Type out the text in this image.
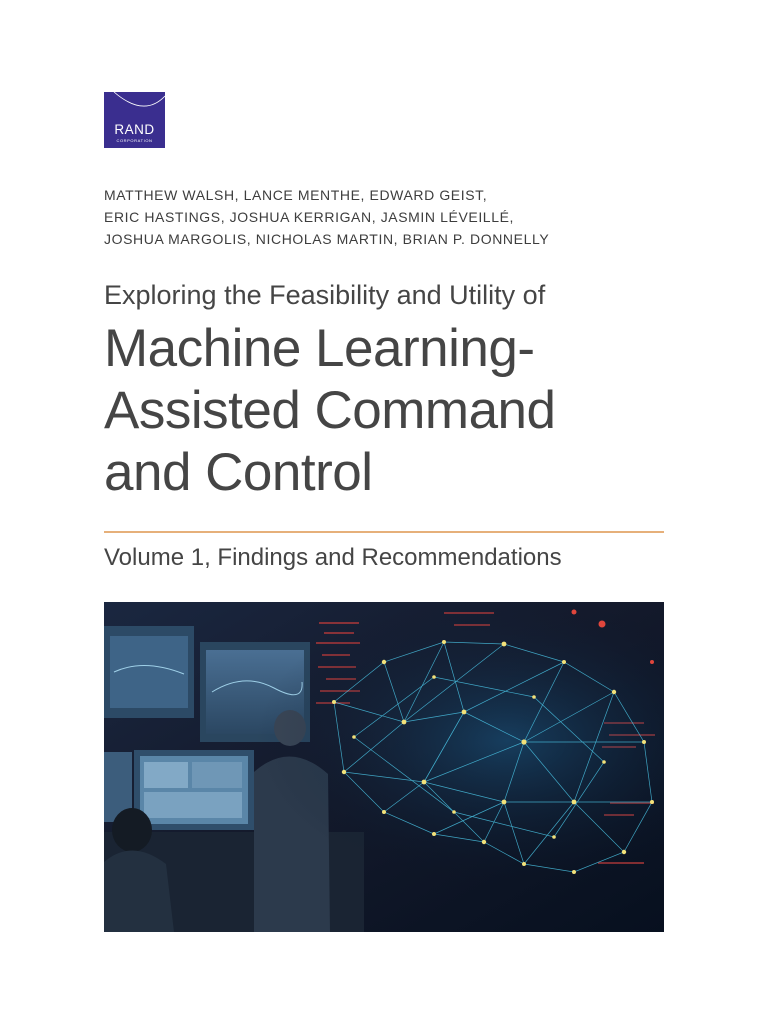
RAND
CORPORATION
MATTHEW WALSH, LANCE MENTHE, EDWARD GEIST,
ERIC HASTINGS, JOSHUA KERRIGAN, JASMIN LÉVEILLÉ,
JOSHUA MARGOLIS, NICHOLAS MARTIN, BRIAN P. DONNELLY
Exploring the Feasibility and Utility of
Machine Learning-
Assisted Command
and Control
Volume 1, Findings and Recommendations
